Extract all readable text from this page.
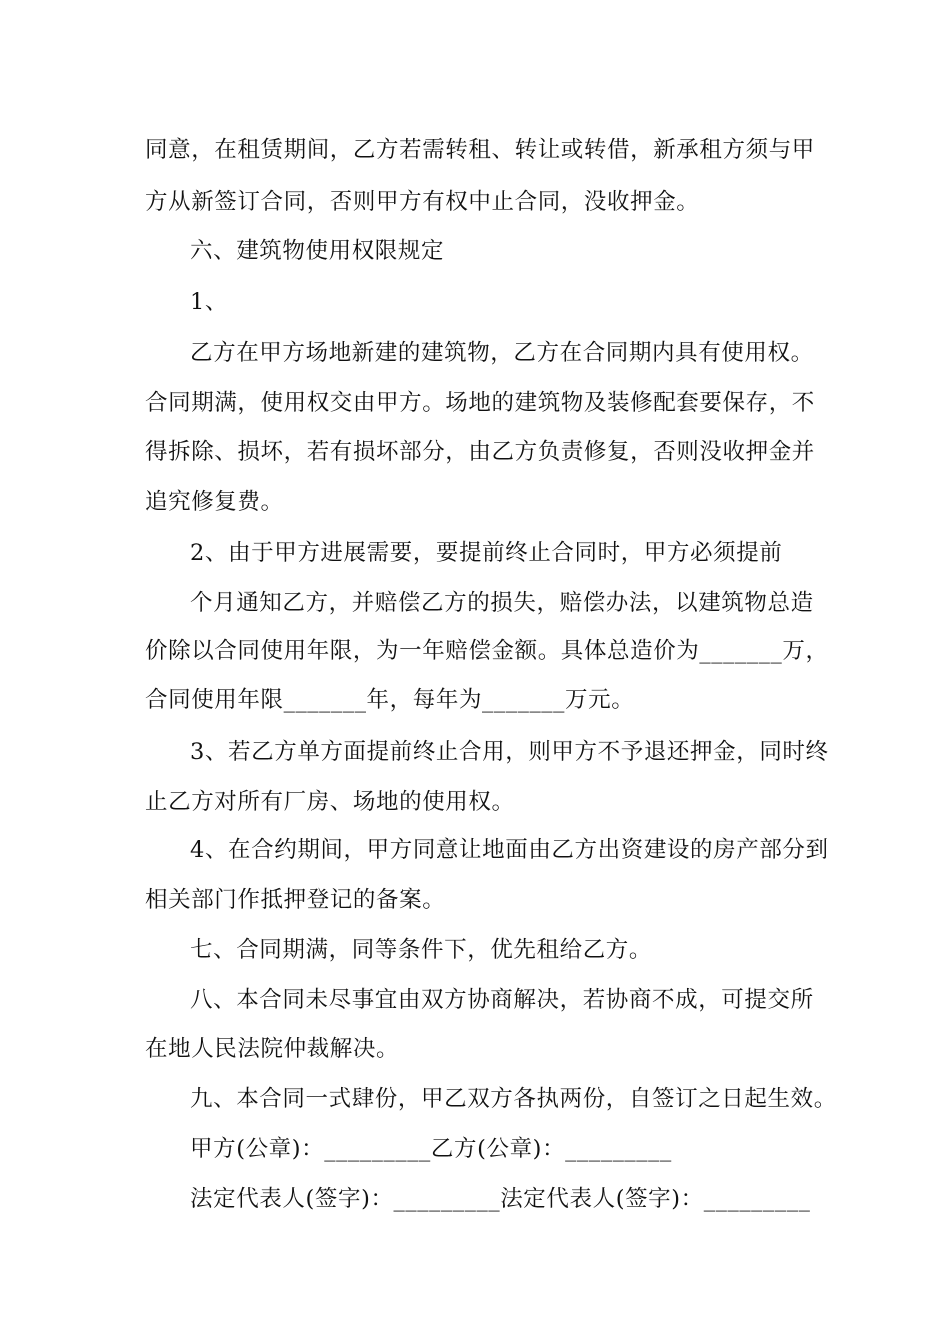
同意，在租赁期间，乙方若需转租、转让或转借，新承租方须与甲
方从新签订合同，否则甲方有权中止合同，没收押金。
六、建筑物使用权限规定
1、
乙方在甲方场地新建的建筑物，乙方在合同期内具有使用权。
合同期满，使用权交由甲方。场地的建筑物及装修配套要保存，不
得拆除、损坏，若有损坏部分，由乙方负责修复，否则没收押金并
追究修复费。
2、由于甲方进展需要，要提前终止合同时，甲方必须提前
个月通知乙方，并赔偿乙方的损失，赔偿办法，以建筑物总造
价除以合同使用年限，为一年赔偿金额。具体总造价为_______万，
合同使用年限_______年，每年为_______万元。
3、若乙方单方面提前终止合用，则甲方不予退还押金，同时终
止乙方对所有厂房、场地的使用权。
4、在合约期间，甲方同意让地面由乙方出资建设的房产部分到
相关部门作抵押登记的备案。
七、合同期满，同等条件下，优先租给乙方。
八、本合同未尽事宜由双方协商解决，若协商不成，可提交所
在地人民法院仲裁解决。
九、本合同一式肆份，甲乙双方各执两份，自签订之日起生效。
甲方(公章)：_________乙方(公章)：_________
法定代表人(签字)：_________法定代表人(签字)：_________
